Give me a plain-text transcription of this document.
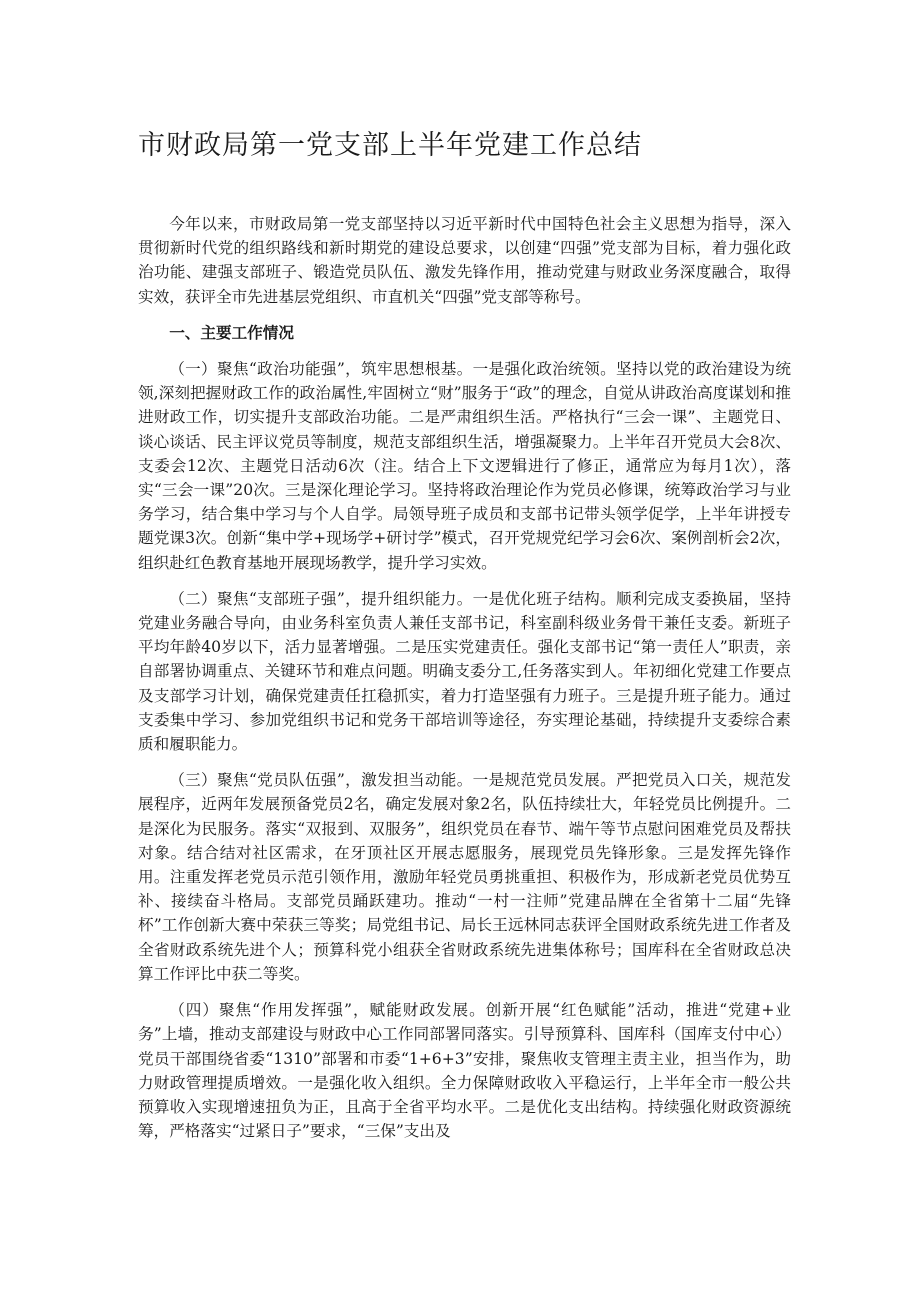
市财政局第一党支部上半年党建工作总结

今年以来，市财政局第一党支部坚持以习近平新时代中国特色社会主义思想为指导，深入贯彻新时代党的组织路线和新时期党的建设总要求，以创建“四强”党支部为目标，着力强化政治功能、建强支部班子、锻造党员队伍、激发先锋作用，推动党建与财政业务深度融合，取得实效，获评全市先进基层党组织、市直机关“四强”党支部等称号。

一、主要工作情况

（一）聚焦“政治功能强”，筑牢思想根基。一是强化政治统领。坚持以党的政治建设为统领,深刻把握财政工作的政治属性,牢固树立“财”服务于“政”的理念，自觉从讲政治高度谋划和推进财政工作，切实提升支部政治功能。二是严肃组织生活。严格执行“三会一课”、主题党日、谈心谈话、民主评议党员等制度，规范支部组织生活，增强凝聚力。上半年召开党员大会8次、支委会12次、主题党日活动6次（注。结合上下文逻辑进行了修正，通常应为每月1次），落实“三会一课”20次。三是深化理论学习。坚持将政治理论作为党员必修课，统筹政治学习与业务学习，结合集中学习与个人自学。局领导班子成员和支部书记带头领学促学，上半年讲授专题党课3次。创新“集中学+现场学+研讨学”模式，召开党规党纪学习会6次、案例剖析会2次，组织赴红色教育基地开展现场教学，提升学习实效。

（二）聚焦“支部班子强”，提升组织能力。一是优化班子结构。顺利完成支委换届，坚持党建业务融合导向，由业务科室负责人兼任支部书记，科室副科级业务骨干兼任支委。新班子平均年龄40岁以下，活力显著增强。二是压实党建责任。强化支部书记“第一责任人”职责，亲自部署协调重点、关键环节和难点问题。明确支委分工,任务落实到人。年初细化党建工作要点及支部学习计划，确保党建责任扛稳抓实，着力打造坚强有力班子。三是提升班子能力。通过支委集中学习、参加党组织书记和党务干部培训等途径，夯实理论基础，持续提升支委综合素质和履职能力。

（三）聚焦“党员队伍强”，激发担当动能。一是规范党员发展。严把党员入口关，规范发展程序，近两年发展预备党员2名，确定发展对象2名，队伍持续壮大，年轻党员比例提升。二是深化为民服务。落实“双报到、双服务”，组织党员在春节、端午等节点慰问困难党员及帮扶对象。结合结对社区需求，在牙顶社区开展志愿服务，展现党员先锋形象。三是发挥先锋作用。注重发挥老党员示范引领作用，激励年轻党员勇挑重担、积极作为，形成新老党员优势互补、接续奋斗格局。支部党员踊跃建功。推动“一村一注师”党建品牌在全省第十二届“先锋杯”工作创新大赛中荣获三等奖；局党组书记、局长王远林同志获评全国财政系统先进工作者及全省财政系统先进个人；预算科党小组获全省财政系统先进集体称号；国库科在全省财政总决算工作评比中获二等奖。

（四）聚焦“作用发挥强”，赋能财政发展。创新开展“红色赋能”活动，推进“党建+业务”上墙，推动支部建设与财政中心工作同部署同落实。引导预算科、国库科（国库支付中心）党员干部围绕省委“1310”部署和市委“1+6+3”安排，聚焦收支管理主责主业，担当作为，助力财政管理提质增效。一是强化收入组织。全力保障财政收入平稳运行，上半年全市一般公共预算收入实现增速扭负为正，且高于全省平均水平。二是优化支出结构。持续强化财政资源统筹，严格落实“过紧日子”要求，“三保”支出及
